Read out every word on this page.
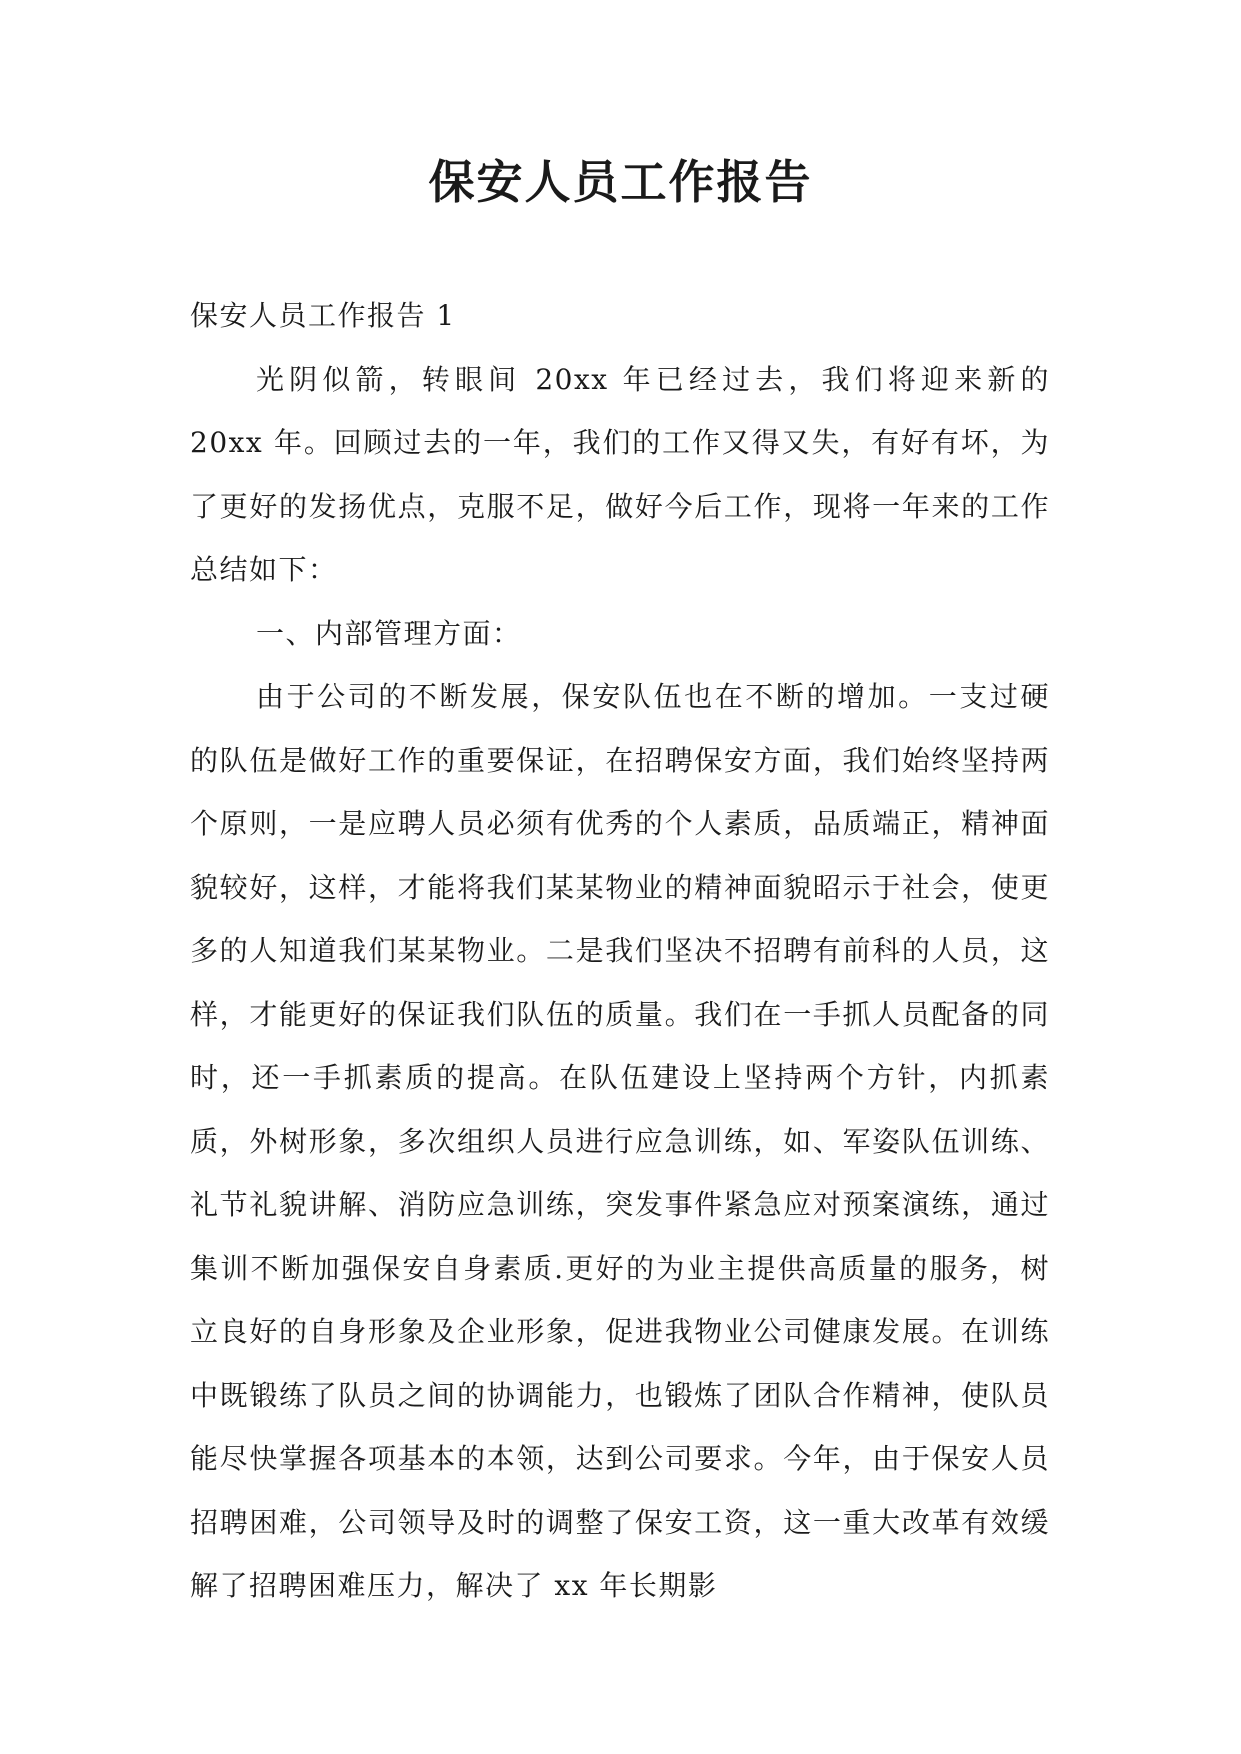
保安人员工作报告

保安人员工作报告 1

光阴似箭，转眼间 20xx 年已经过去，我们将迎来新的 20xx 年。回顾过去的一年，我们的工作又得又失，有好有坏，为了更好的发扬优点，克服不足，做好今后工作，现将一年来的工作总结如下：

一、内部管理方面：

由于公司的不断发展，保安队伍也在不断的增加。一支过硬的队伍是做好工作的重要保证，在招聘保安方面，我们始终坚持两个原则，一是应聘人员必须有优秀的个人素质，品质端正，精神面貌较好，这样，才能将我们某某物业的精神面貌昭示于社会，使更多的人知道我们某某物业。二是我们坚决不招聘有前科的人员，这样，才能更好的保证我们队伍的质量。我们在一手抓人员配备的同时，还一手抓素质的提高。在队伍建设上坚持两个方针，内抓素质，外树形象，多次组织人员进行应急训练，如、军姿队伍训练、礼节礼貌讲解、消防应急训练，突发事件紧急应对预案演练，通过集训不断加强保安自身素质.更好的为业主提供高质量的服务，树立良好的自身形象及企业形象，促进我物业公司健康发展。在训练中既锻练了队员之间的协调能力，也锻炼了团队合作精神，使队员能尽快掌握各项基本的本领，达到公司要求。今年，由于保安人员招聘困难，公司领导及时的调整了保安工资，这一重大改革有效缓解了招聘困难压力，解决了 xx 年长期影
